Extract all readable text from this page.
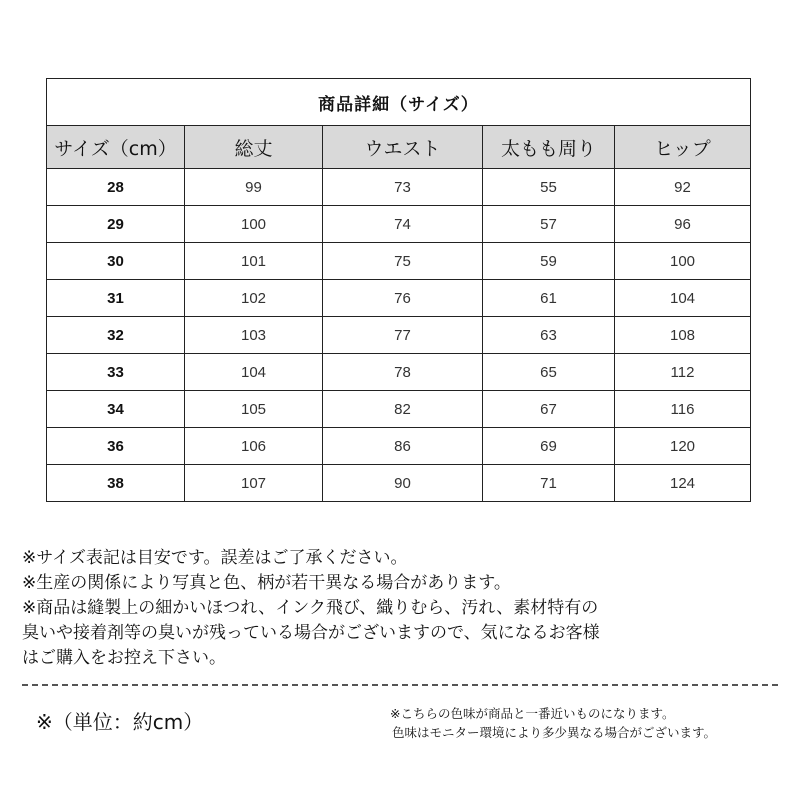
商品詳細（サイズ）				
サイズ（cm）	総丈	ウエスト	太もも周り	ヒップ
28	99	73	55	92
29	100	74	57	96
30	101	75	59	100
31	102	76	61	104
32	103	77	63	108
33	104	78	65	112
34	105	82	67	116
36	106	86	69	120
38	107	90	71	124

※サイズ表記は目安です。誤差はご了承ください。

※生産の関係により写真と色、柄が若干異なる場合があります。

※商品は縫製上の細かいほつれ、インク飛び、織りむら、汚れ、素材特有の

臭いや接着剤等の臭いが残っている場合がございますので、気になるお客様

はご購入をお控え下さい。

※（単位：約cm）	※こちらの色味が商品と一番近いものになります。

色味はモニター環境により多少異なる場合がございます。
